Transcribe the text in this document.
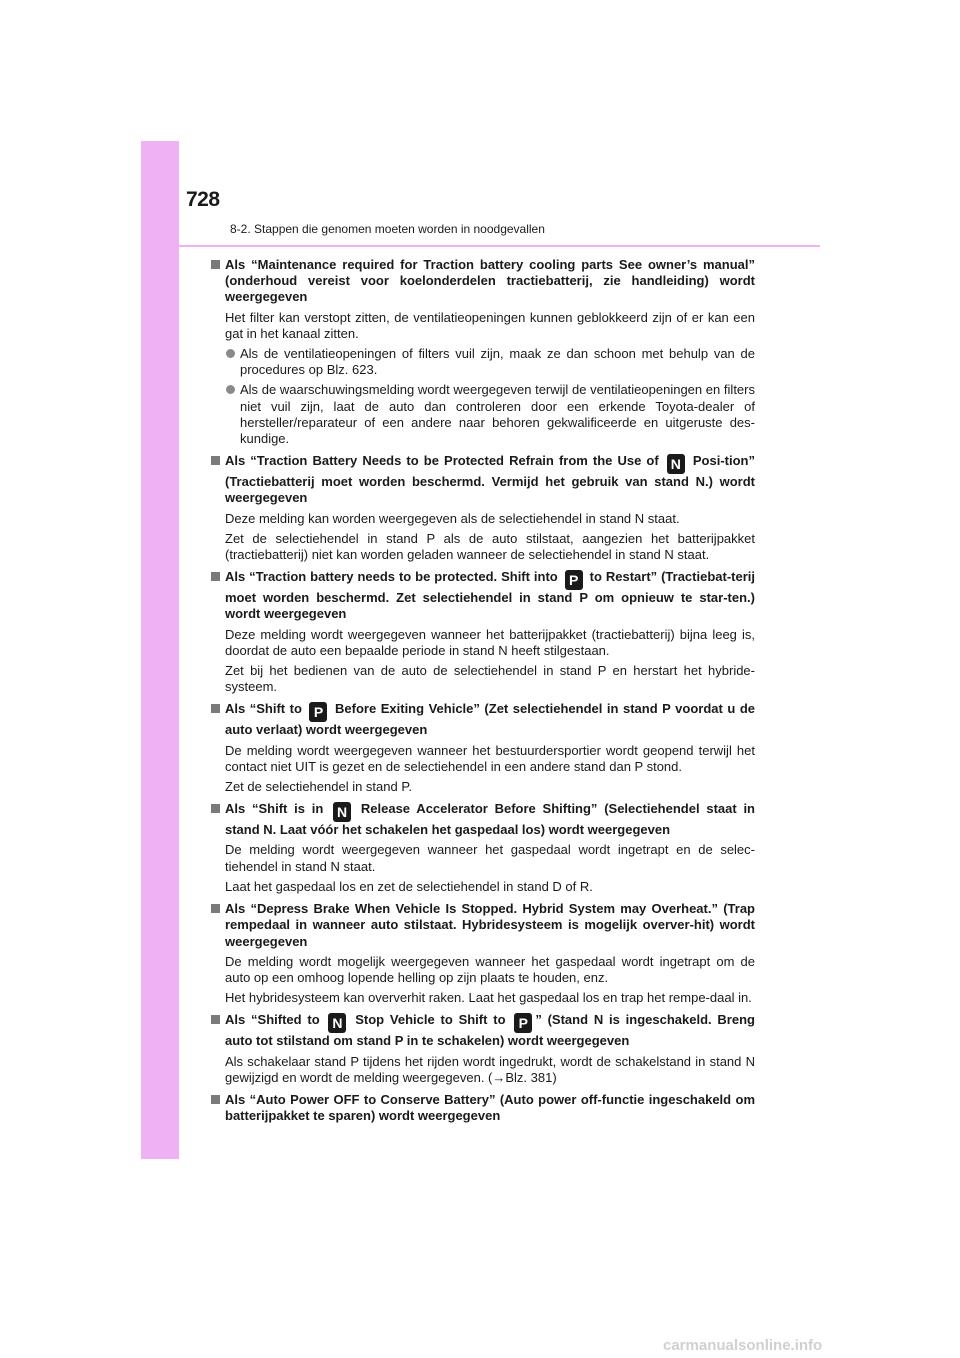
728
8-2. Stappen die genomen moeten worden in noodgevallen
Als “Maintenance required for Traction battery cooling parts See owner’s manual” (onderhoud vereist voor koelonderdelen tractiebatterij, zie handleiding) wordt weergegeven
Het filter kan verstopt zitten, de ventilatieopeningen kunnen geblokkeerd zijn of er kan een gat in het kanaal zitten.
Als de ventilatieopeningen of filters vuil zijn, maak ze dan schoon met behulp van de procedures op Blz. 623.
Als de waarschuwingsmelding wordt weergegeven terwijl de ventilatieopeningen en filters niet vuil zijn, laat de auto dan controleren door een erkende Toyota-dealer of hersteller/reparateur of een andere naar behoren gekwalificeerde en uitgeruste des-kundige.
Als “Traction Battery Needs to be Protected Refrain from the Use of N Posi-tion” (Tractiebatterij moet worden beschermd. Vermijd het gebruik van stand N.) wordt weergegeven
Deze melding kan worden weergegeven als de selectiehendel in stand N staat.
Zet de selectiehendel in stand P als de auto stilstaat, aangezien het batterijpakket (tractiebatterij) niet kan worden geladen wanneer de selectiehendel in stand N staat.
Als “Traction battery needs to be protected. Shift into P to Restart” (Tractiebat-terij moet worden beschermd. Zet selectiehendel in stand P om opnieuw te star-ten.) wordt weergegeven
Deze melding wordt weergegeven wanneer het batterijpakket (tractiebatterij) bijna leeg is, doordat de auto een bepaalde periode in stand N heeft stilgestaan.
Zet bij het bedienen van de auto de selectiehendel in stand P en herstart het hybride-systeem.
Als “Shift to P Before Exiting Vehicle” (Zet selectiehendel in stand P voordat u de auto verlaat) wordt weergegeven
De melding wordt weergegeven wanneer het bestuurdersportier wordt geopend terwijl het contact niet UIT is gezet en de selectiehendel in een andere stand dan P stond.
Zet de selectiehendel in stand P.
Als “Shift is in N Release Accelerator Before Shifting” (Selectiehendel staat in stand N. Laat vóór het schakelen het gaspedaal los) wordt weergegeven
De melding wordt weergegeven wanneer het gaspedaal wordt ingetrapt en de selec-tiehendel in stand N staat.
Laat het gaspedaal los en zet de selectiehendel in stand D of R.
Als “Depress Brake When Vehicle Is Stopped. Hybrid System may Overheat.” (Trap rempedaal in wanneer auto stilstaat. Hybridesysteem is mogelijk overver-hit) wordt weergegeven
De melding wordt mogelijk weergegeven wanneer het gaspedaal wordt ingetrapt om de auto op een omhoog lopende helling op zijn plaats te houden, enz.
Het hybridesysteem kan oververhit raken. Laat het gaspedaal los en trap het rempe-daal in.
Als “Shifted to N Stop Vehicle to Shift to P ” (Stand N is ingeschakeld. Breng auto tot stilstand om stand P in te schakelen) wordt weergegeven
Als schakelaar stand P tijdens het rijden wordt ingedrukt, wordt de schakelstand in stand N gewijzigd en wordt de melding weergegeven. (→Blz. 381)
Als “Auto Power OFF to Conserve Battery” (Auto power off-functie ingeschakeld om batterijpakket te sparen) wordt weergegeven
carmanualsonline.info
